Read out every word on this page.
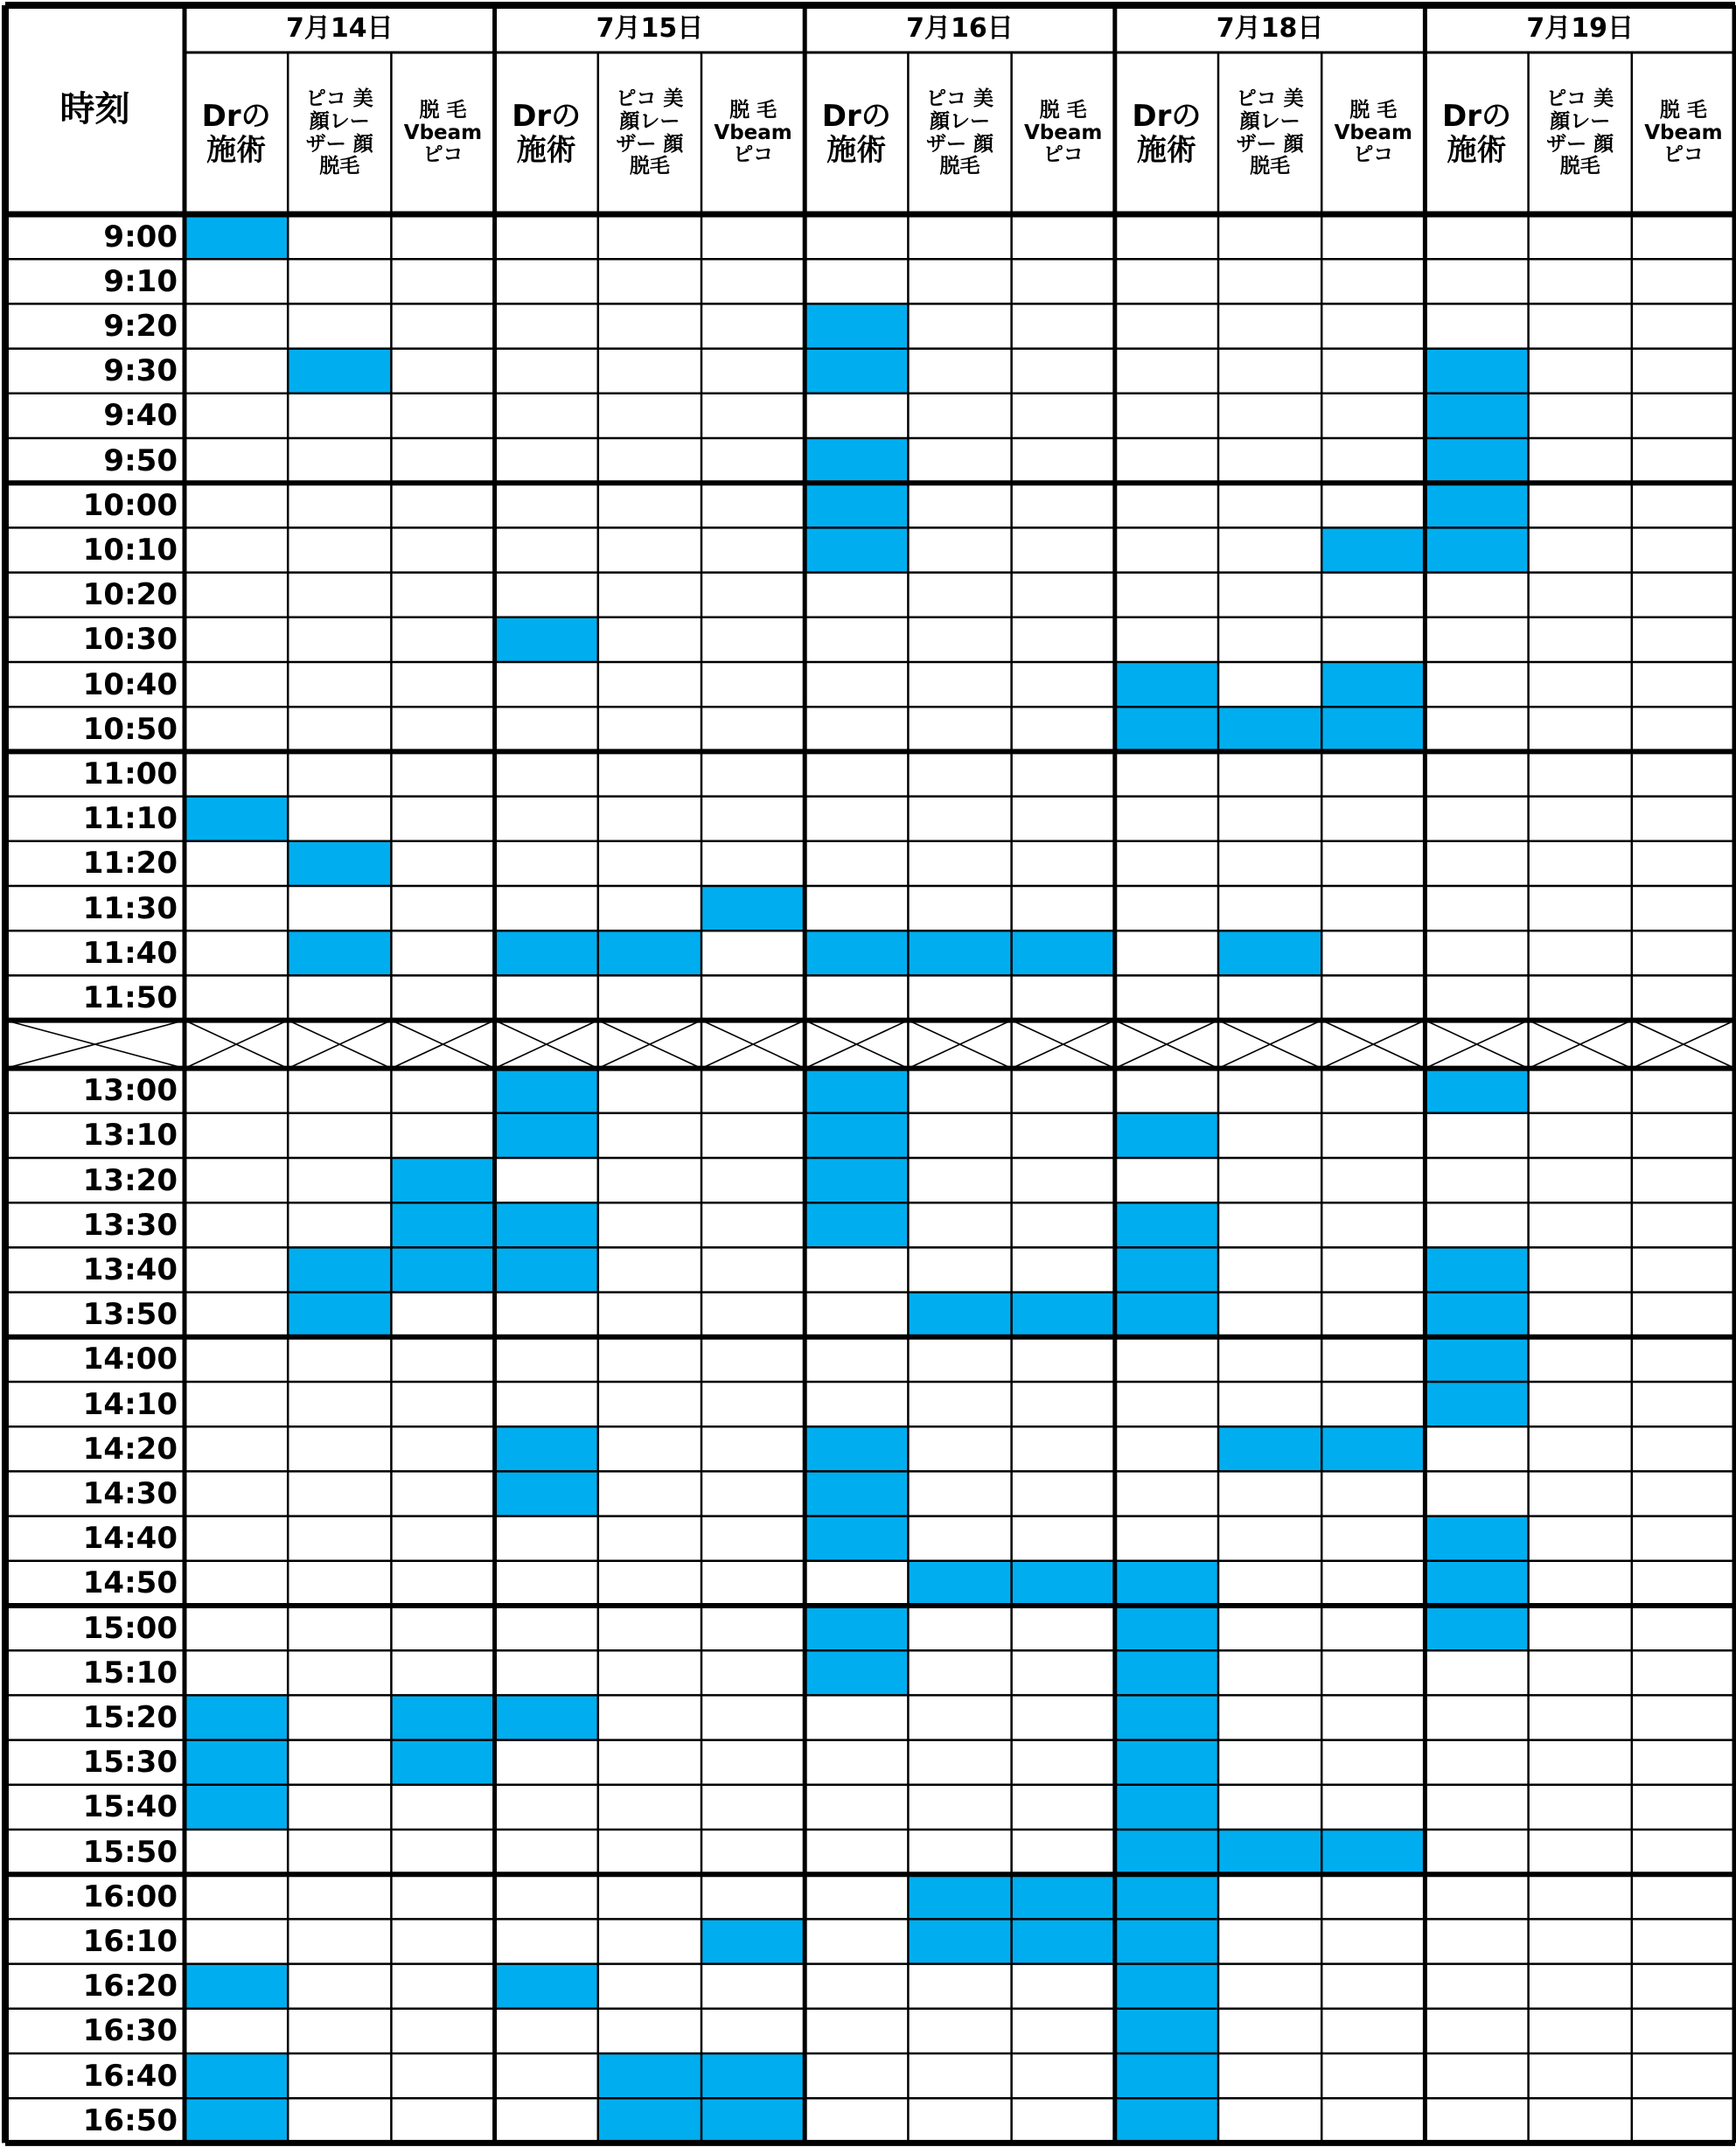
時刻
7月14日
Drの
施術
ピコ 美
顔レー
ザー 顔
脱毛
脱 毛
Vbeam
ピコ
7月15日
Drの
施術
ピコ 美
顔レー
ザー 顔
脱毛
脱 毛
Vbeam
ピコ
7月16日
Drの
施術
ピコ 美
顔レー
ザー 顔
脱毛
脱 毛
Vbeam
ピコ
7月18日
Drの
施術
ピコ 美
顔レー
ザー 顔
脱毛
脱 毛
Vbeam
ピコ
7月19日
Drの
施術
ピコ 美
顔レー
ザー 顔
脱毛
脱 毛
Vbeam
ピコ
9:00
9:10
9:20
9:30
9:40
9:50
10:00
10:10
10:20
10:30
10:40
10:50
11:00
11:10
11:20
11:30
11:40
11:50
13:00
13:10
13:20
13:30
13:40
13:50
14:00
14:10
14:20
14:30
14:40
14:50
15:00
15:10
15:20
15:30
15:40
15:50
16:00
16:10
16:20
16:30
16:40
16:50
